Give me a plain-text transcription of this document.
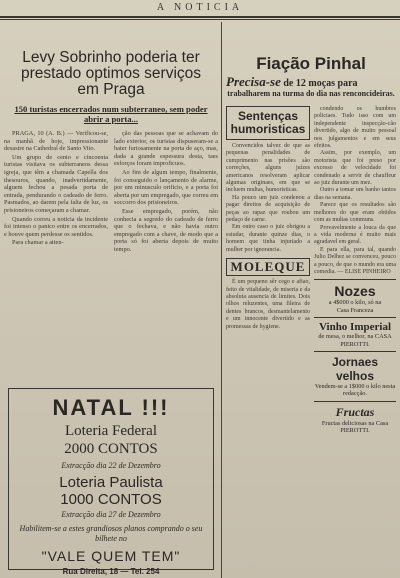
A NOTICIA
Levy Sobrinho poderia ter
prestado optimos serviços
em Praga
150 turistas encerrados num subterraneo, sem poder abrir a porta...

PRAGA, 10 (A. B.) — Verificou-se, na manhã de hoje, impressionante desastre na Cathedral de Santo Vito.

Um grupo de cento e cincoenta turistas visitava os subterraneos dessa igreja, que têm a chamada Capella dos thesouros, quando, inadvertidamente, alguem fechou a pesada porta de entrada, pendurando o cadeado de ferro. Pasmados, ao darem pela falta de luz, os prisioneiros começaram a chamar.

Quando correu a noticia da incidente foi intenso o panico entre os encerrados, e houve quem perdesse os sentidos.

Para chamar a atten-

ção das pessoas que se achavam do lado exterior, os turistas dispuseram-se a bater furiosamente na porta de aço, mas, dada a grande espessura desta, taes esforços foram improficuos.

Ao fim de algum tempo, finalmente, foi conseguido o lançamento de alarme, por um minusculo orificio, e a porta foi aberta por um empregado, que correu em soccorro dos prisioneiros.

Esse empregado, porém, não conhecia a segredo do cadeado de ferro que o fechava, e não havia outro empregado com a chave, de modo que a porta só foi aberta depois de muito tempo.

NATAL !!!
Loteria Federal
2000 CONTOS
Extracção dia 22 de Dezembro
Loteria Paulista
1000 CONTOS
Extracção dia 27 de Dezembro
Habilitem-se a estes grandiosos planos comprando o seu bilhete no
"VALE QUEM TEM"
Rua Direita, 18 — Tel. 254
Fiação Pinhal
Precisa-se de 12 moças para
trabalharem na turma do dia nas renconcideiras.
Sentenças humoristicas

Convencidos talvez de que as pequenas penalidades de cumprimento nas prisões são correções, alguns juízes americanos resolveram aplicar algumas originaes, em que se incluem multas, humoristicas.

Ha pouco um juiz condenou a pagar direitos de acquisição de peças ao rapaz que roubou um pedaço de carne.

Em outro caso o juiz obrigou a estudar, durante quinze dias, o homem que tinha injuriado a mulher por ignorancia.

MOLEQUE

É um pequeno sêr cego e afiao, feito de vitalidade, de miseria e da absoluta ausencia de limites. Dois olhos reluzentes, uma fileira de dentes brancos, desmantelamento e um innocente divertido e as promessas de hygiene.

condendo os humbres policiaes. Tudo isso com um independente inspecção-cão divertido, algo de muito pessoal nos julgamentos e em seus efeitos.

Assim, por exemplo, um motorista que foi preso por excesso de velocidade foi condenado a servir de chauffeur ao juiz durante um mez.

Outro a tomar um banho tantos dias na semana.

Parece que os resultados são melhores do que eram obtidos com as multas communs.

Provavelmente a louca da que a vida moderna é muito mais agradavel em geral.

E para ella, para tal, quando Julio Delhez se convenceu, pouco a pouco, de que o mundo era uma comedia. — ELISE PINHEIRO

Nozes
a 4$000 o kilo, só na
Casa Franceza
Vinho Imperial
de mesa, o melhor, na CASA PIEROTTI.
Jornaes velhos
Vendem-se a 1$000 o kilo nesta redacção.
Fructas
Fructas deliciosas na Casa PIEROTTI.
